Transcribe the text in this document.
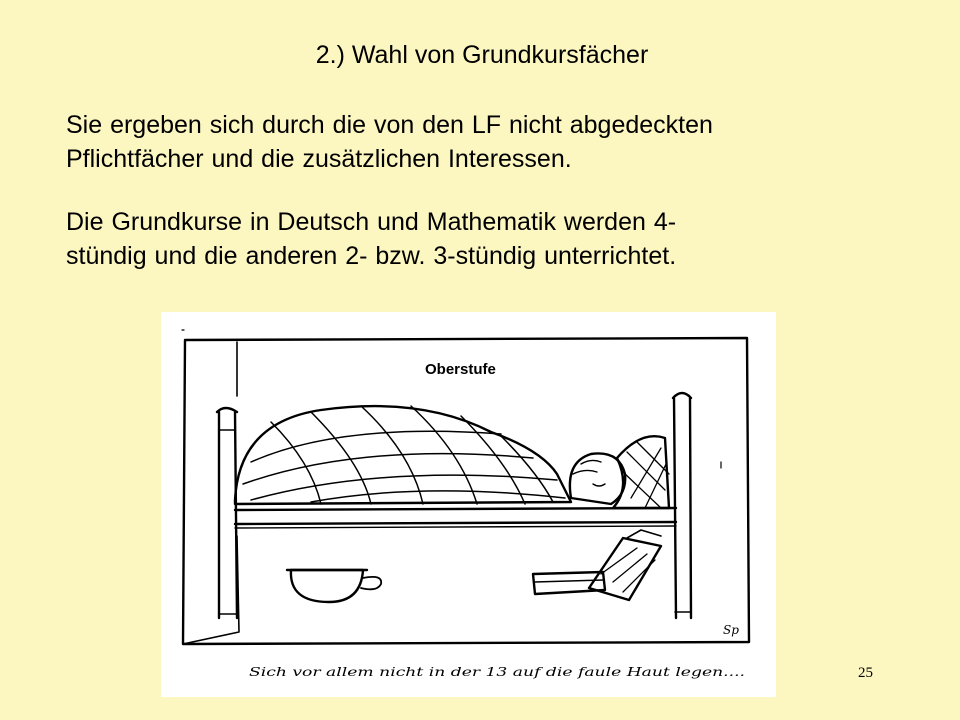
2.) Wahl von Grundkursfächer

Sie ergeben sich durch die von den LF nicht abgedeckten
Pflichtfächer und die zusätzlichen Interessen.

Die Grundkurse in Deutsch und Mathematik werden 4-
stündig und die anderen 2- bzw. 3-stündig unterrichtet.

Sp
Oberstufe
Sich vor allem nicht in der 13 auf die faule Haut legen....	25
